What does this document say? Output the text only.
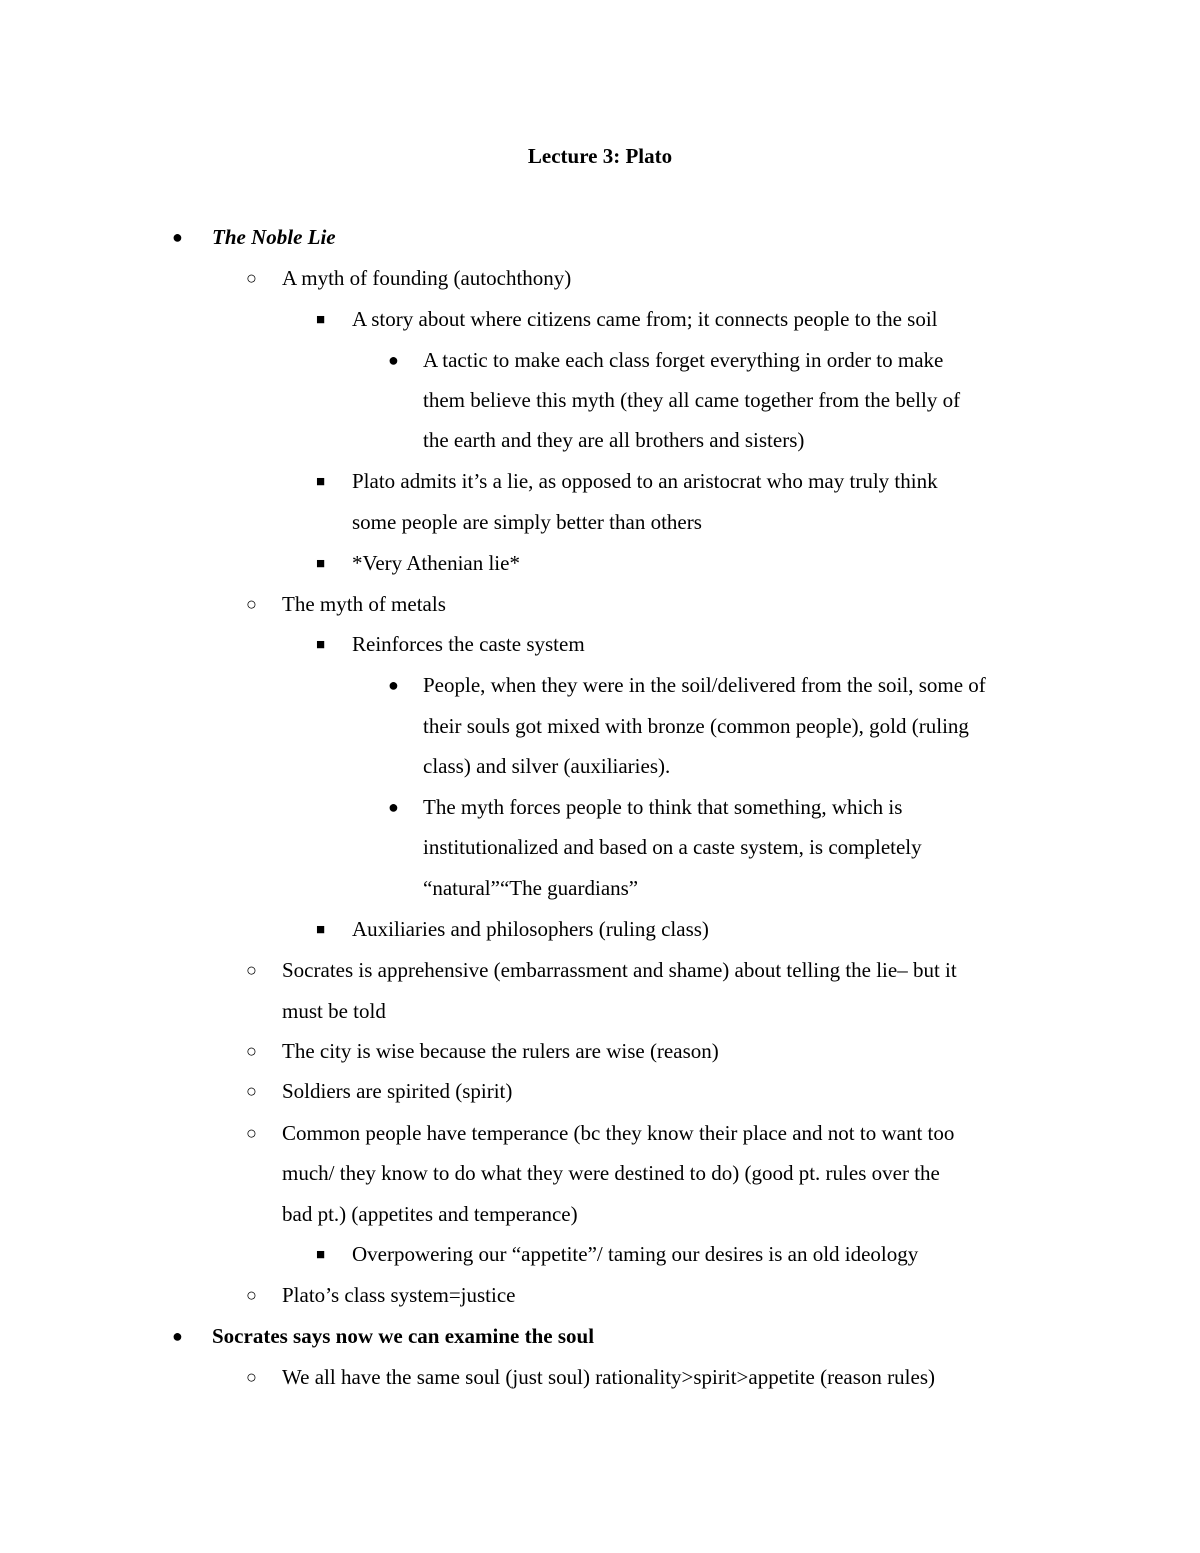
Lecture 3: Plato
● The Noble Lie
○ A myth of founding (autochthony)
■ A story about where citizens came from; it connects people to the soil
● A tactic to make each class forget everything in order to make
them believe this myth (they all came together from the belly of
the earth and they are all brothers and sisters)
■ Plato admits it’s a lie, as opposed to an aristocrat who may truly think
some people are simply better than others
■ *Very Athenian lie*
○ The myth of metals
■ Reinforces the caste system
● People, when they were in the soil/delivered from the soil, some of
their souls got mixed with bronze (common people), gold (ruling
class) and silver (auxiliaries).
● The myth forces people to think that something, which is
institutionalized and based on a caste system, is completely
“natural”“The guardians”
■ Auxiliaries and philosophers (ruling class)
○ Socrates is apprehensive (embarrassment and shame) about telling the lie– but it
must be told
○ The city is wise because the rulers are wise (reason)
○ Soldiers are spirited (spirit)
○ Common people have temperance (bc they know their place and not to want too
much/ they know to do what they were destined to do) (good pt. rules over the
bad pt.) (appetites and temperance)
■ Overpowering our “appetite”/ taming our desires is an old ideology
○ Plato’s class system=justice
● Socrates says now we can examine the soul
○ We all have the same soul (just soul) rationality>spirit>appetite (reason rules)
